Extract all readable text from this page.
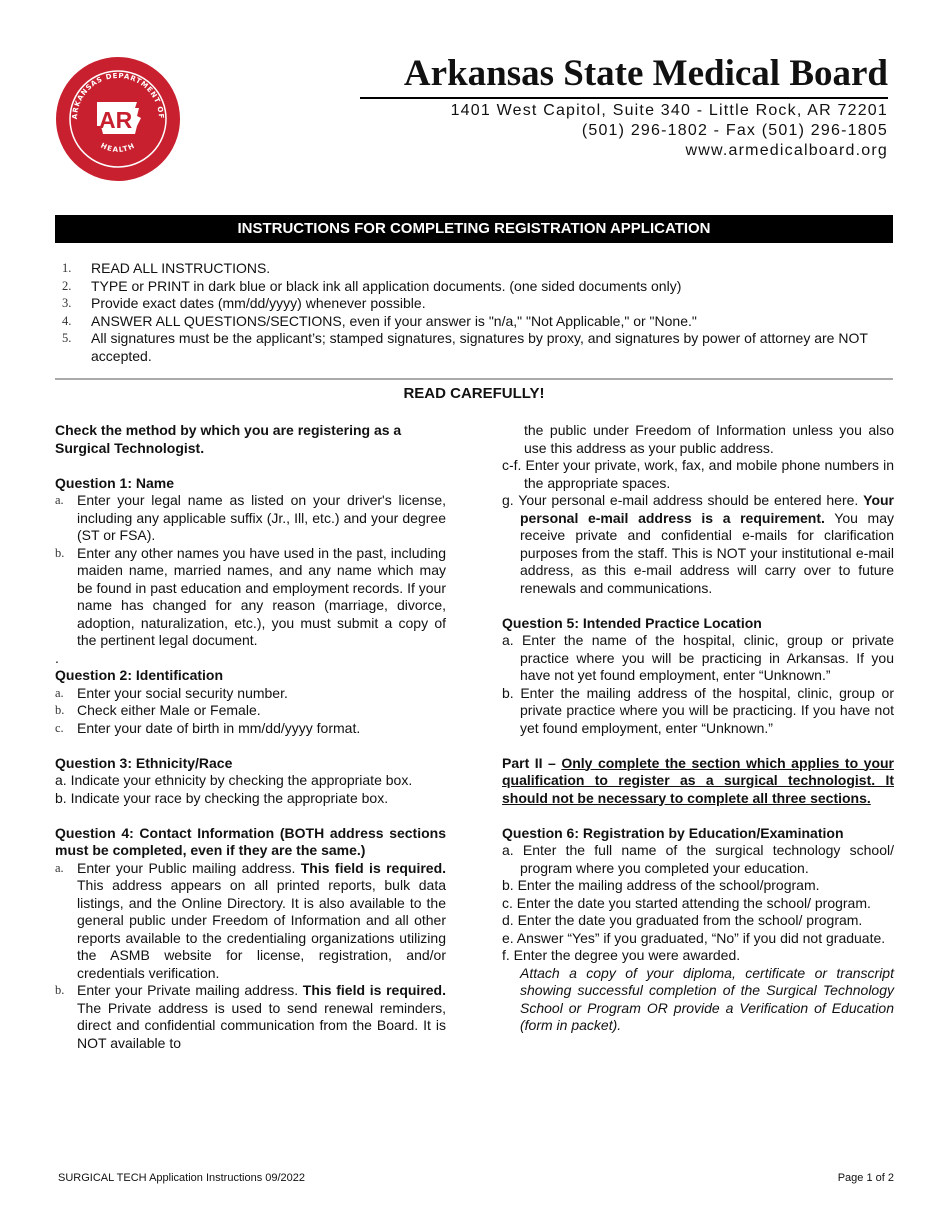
ARKANSAS DEPARTMENT OF
HEALTH
AR
Arkansas State Medical Board
1401 West Capitol, Suite 340 - Little Rock, AR 72201
(501) 296-1802 - Fax (501) 296-1805
www.armedicalboard.org
INSTRUCTIONS FOR COMPLETING REGISTRATION APPLICATION
1.	READ ALL INSTRUCTIONS.
2.	TYPE or PRINT in dark blue or black ink all application documents. (one sided documents only)
3.	Provide exact dates (mm/dd/yyyy) whenever possible.
4.	ANSWER ALL QUESTIONS/SECTIONS, even if your answer is "n/a," "Not Applicable," or "None."
5.	All signatures must be the applicant’s; stamped signatures, signatures by proxy, and signatures by power of attorney are NOT accepted.
READ CAREFULLY!
Check the method by which you are registering as a Surgical Technologist.
Question 1: Name
a. Enter your legal name as listed on your driver's license, including any applicable suffix (Jr., Ill, etc.) and your degree (ST or FSA).
b. Enter any other names you have used in the past, including maiden name, married names, and any name which may be found in past education and employment records. If your name has changed for any reason (marriage, divorce, adoption, naturalization, etc.), you must submit a copy of the pertinent legal document.
.
Question 2: Identification
a. Enter your social security number.
b. Check either Male or Female.
c. Enter your date of birth in mm/dd/yyyy format.
Question 3: Ethnicity/Race
a. Indicate your ethnicity by checking the appropriate box.
b. Indicate your race by checking the appropriate box.
Question 4: Contact Information (BOTH address sections must be completed, even if they are the same.)
a. Enter your Public mailing address. This field is required. This address appears on all printed reports, bulk data listings, and the Online Directory. It is also available to the general public under Freedom of Information and all other reports available to the credentialing organizations utilizing the ASMB website for license, registration, and/or credentials verification.
b. Enter your Private mailing address. This field is required. The Private address is used to send renewal reminders, direct and confidential communication from the Board. It is NOT available to
the public under Freedom of Information unless you also use this address as your public address.
c-f. Enter your private, work, fax, and mobile phone numbers in the appropriate spaces.
g. Your personal e-mail address should be entered here. Your personal e-mail address is a requirement. You may receive private and confidential e-mails for clarification purposes from the staff. This is NOT your institutional e-mail address, as this e-mail address will carry over to future renewals and communications.
Question 5: Intended Practice Location
a. Enter the name of the hospital, clinic, group or private practice where you will be practicing in Arkansas. If you have not yet found employment, enter “Unknown.”
b. Enter the mailing address of the hospital, clinic, group or private practice where you will be practicing. If you have not yet found employment, enter “Unknown.”
Part II – Only complete the section which applies to your qualification to register as a surgical technologist. It should not be necessary to complete all three sections.
Question 6: Registration by Education/Examination
a. Enter the full name of the surgical technology school/ program where you completed your education.
b. Enter the mailing address of the school/program.
c. Enter the date you started attending the school/ program.
d. Enter the date you graduated from the school/ program.
e. Answer “Yes” if you graduated, “No” if you did not graduate.
f. Enter the degree you were awarded.
Attach a copy of your diploma, certificate or transcript showing successful completion of the Surgical Technology School or Program OR provide a Verification of Education (form in packet).
SURGICAL TECH Application Instructions 09/2022	Page 1 of 2
